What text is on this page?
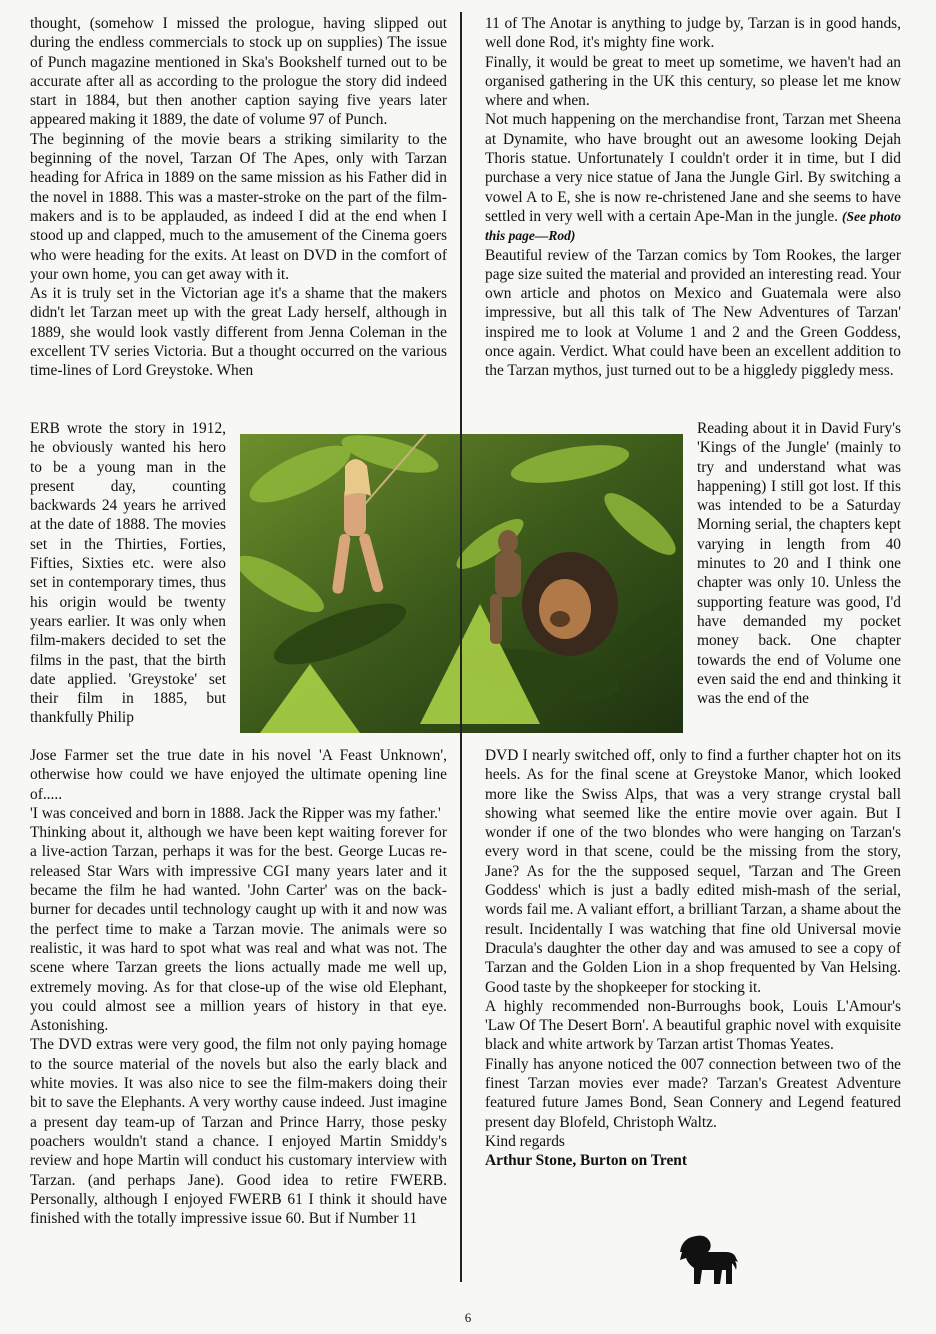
thought, (somehow I missed the prologue, having slipped out during the endless commercials to stock up on supplies) The issue of Punch magazine mentioned in Ska's Bookshelf turned out to be accurate after all as according to the prologue the story did indeed start in 1884, but then another caption saying five years later appeared making it 1889, the date of volume 97 of Punch.

The beginning of the movie bears a striking similarity to the beginning of the novel, Tarzan Of The Apes, only with Tarzan heading for Africa in 1889 on the same mission as his Father did in the novel in 1888. This was a master-stroke on the part of the film-makers and is to be applauded, as indeed I did at the end when I stood up and clapped, much to the amusement of the Cinema goers who were heading for the exits. At least on DVD in the comfort of your own home, you can get away with it.

As it is truly set in the Victorian age it's a shame that the makers didn't let Tarzan meet up with the great Lady herself, although in 1889, she would look vastly different from Jenna Coleman in the excellent TV series Victoria. But a thought occurred on the various time-lines of Lord Greystoke. When

ERB wrote the story in 1912, he obviously wanted his hero to be a young man in the present day, counting backwards 24 years he arrived at the date of 1888. The movies set in the Thirties, Forties, Fifties, Sixties etc. were also set in contemporary times, thus his origin would be twenty years earlier. It was only when film-makers decided to set the films in the past, that the birth date applied. 'Greystoke' set their film in 1885, but thankfully Philip

Jose Farmer set the true date in his novel 'A Feast Unknown', otherwise how could we have enjoyed the ultimate opening line of.....

'I was conceived and born in 1888. Jack the Ripper was my father.'

Thinking about it, although we have been kept waiting forever for a live-action Tarzan, perhaps it was for the best. George Lucas re-released Star Wars with impressive CGI many years later and it became the film he had wanted. 'John Carter' was on the back-burner for decades until technology caught up with it and now was the perfect time to make a Tarzan movie. The animals were so realistic, it was hard to spot what was real and what was not. The scene where Tarzan greets the lions actually made me well up, extremely moving. As for that close-up of the wise old Elephant, you could almost see a million years of history in that eye. Astonishing.

The DVD extras were very good, the film not only paying homage to the source material of the novels but also the early black and white movies. It was also nice to see the film-makers doing their bit to save the Elephants. A very worthy cause indeed. Just imagine a present day team-up of Tarzan and Prince Harry, those pesky poachers wouldn't stand a chance. I enjoyed Martin Smiddy's review and hope Martin will conduct his customary interview with Tarzan. (and perhaps Jane). Good idea to retire FWERB. Personally, although I enjoyed FWERB 61 I think it should have finished with the totally impressive issue 60. But if Number 11

11 of The Anotar is anything to judge by, Tarzan is in good hands, well done Rod, it's mighty fine work.

Finally, it would be great to meet up sometime, we haven't had an organised gathering in the UK this century, so please let me know where and when.

Not much happening on the merchandise front, Tarzan met Sheena at Dynamite, who have brought out an awesome looking Dejah Thoris statue. Unfortunately I couldn't order it in time, but I did purchase a very nice statue of Jana the Jungle Girl. By switching a vowel A to E, she is now re-christened Jane and she seems to have settled in very well with a certain Ape-Man in the jungle. (See photo this page—Rod)

Beautiful review of the Tarzan comics by Tom Rookes, the larger page size suited the material and provided an interesting read. Your own article and photos on Mexico and Guatemala were also impressive, but all this talk of The New Adventures of Tarzan' inspired me to look at Volume 1 and 2 and the Green Goddess, once again. Verdict. What could have been an excellent addition to the Tarzan mythos, just turned out to be a higgledy piggledy mess.

Reading about it in David Fury's 'Kings of the Jungle' (mainly to try and understand what was happening) I still got lost. If this was intended to be a Saturday Morning serial, the chapters kept varying in length from 40 minutes to 20 and I think one chapter was only 10. Unless the supporting feature was good, I'd have demanded my pocket money back. One chapter towards the end of Volume one even said the end and thinking it was the end of the

DVD I nearly switched off, only to find a further chapter hot on its heels. As for the final scene at Greystoke Manor, which looked more like the Swiss Alps, that was a very strange crystal ball showing what seemed like the entire movie over again. But I wonder if one of the two blondes who were hanging on Tarzan's every word in that scene, could be the missing from the story, Jane? As for the the supposed sequel, 'Tarzan and The Green Goddess' which is just a badly edited mish-mash of the serial, words fail me. A valiant effort, a brilliant Tarzan, a shame about the result. Incidentally I was watching that fine old Universal movie Dracula's daughter the other day and was amused to see a copy of Tarzan and the Golden Lion in a shop frequented by Van Helsing. Good taste by the shopkeeper for stocking it.

A highly recommended non-Burroughs book, Louis L'Amour's 'Law Of The Desert Born'. A beautiful graphic novel with exquisite black and white artwork by Tarzan artist Thomas Yeates.

Finally has anyone noticed the 007 connection between two of the finest Tarzan movies ever made? Tarzan's Greatest Adventure featured future James Bond, Sean Connery and Legend featured present day Blofeld, Christoph Waltz.

Kind regards

Arthur Stone, Burton on Trent

6
